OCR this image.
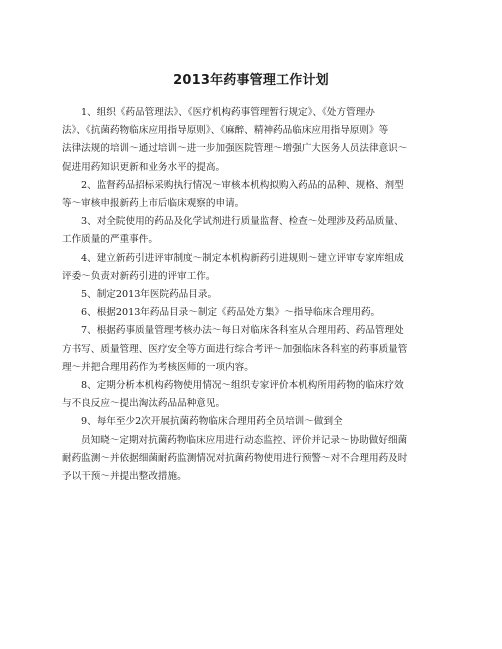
2013年药事管理工作计划
1、组织《药品管理法》、《医疗机构药事管理暂行规定》、《处方管理办
法》、《抗菌药物临床应用指导原则》、《麻醉、精神药品临床应用指导原则》等
法律法规的培训～通过培训～进一步加强医院管理～增强广大医务人员法律意识～
促进用药知识更新和业务水平的提高。
2、监督药品招标采购执行情况～审核本机构拟购入药品的品种、规格、剂型
等～审核申报新药上市后临床观察的申请。
3、对全院使用的药品及化学试剂进行质量监督、检查～处理涉及药品质量、
工作质量的严重事件。
4、建立新药引进评审制度～制定本机构新药引进规则～建立评审专家库组成
评委～负责对新药引进的评审工作。
5、制定2013年医院药品目录。
6、根据2013年药品目录～制定《药品处方集》～指导临床合理用药。
7、根据药事质量管理考核办法～每日对临床各科室从合理用药、药品管理处
方书写、质量管理、医疗安全等方面进行综合考评～加强临床各科室的药事质量管
理～并把合理用药作为考核医师的一项内容。
8、定期分析本机构药物使用情况～组织专家评价本机构所用药物的临床疗效
与不良反应～提出淘汰药品品种意见。
9、每年至少2次开展抗菌药物临床合理用药全员培训～做到全
员知晓～定期对抗菌药物临床应用进行动态监控、评价并记录～协助做好细菌
耐药监测～并依据细菌耐药监测情况对抗菌药物使用进行预警～对不合理用药及时
予以干预～并提出整改措施。
